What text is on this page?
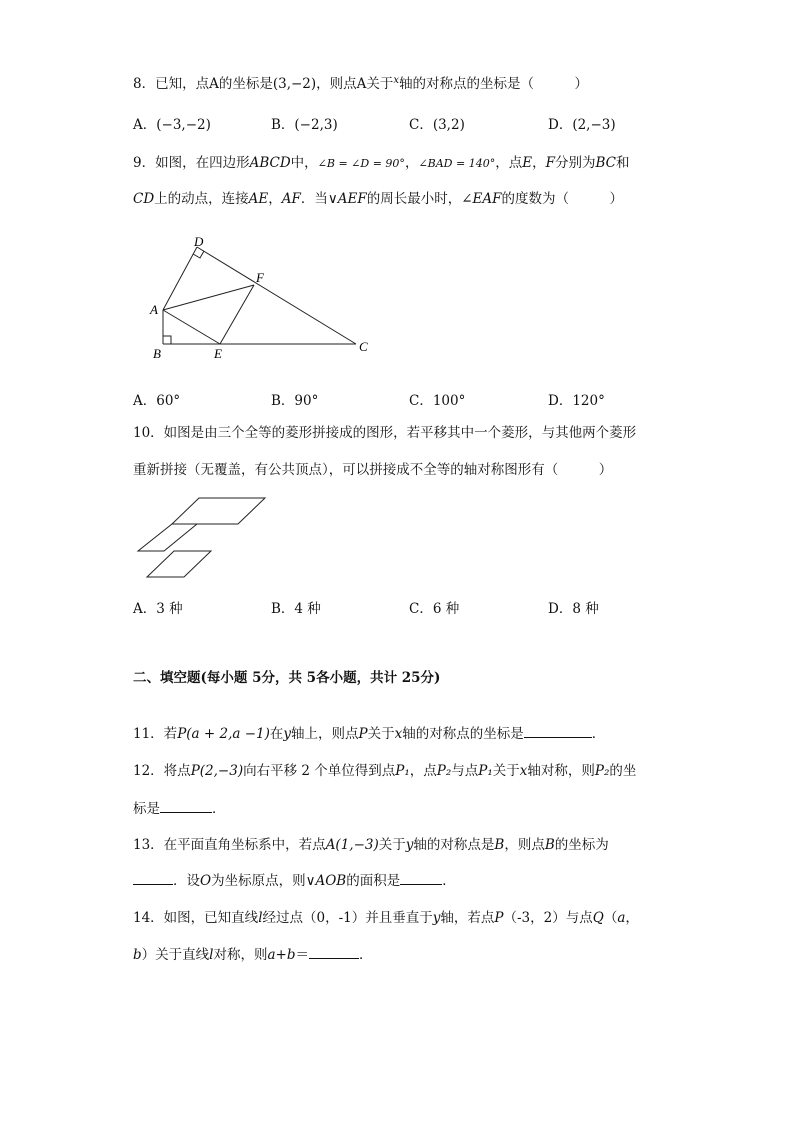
8．已知，点A的坐标是(3,−2)，则点A关于$^x$轴的对称点的坐标是（　　　）
A．(−3,−2)	B．(−2,3)	C．(3,2)	D．(2,−3)
9．如图，在四边形ABCD中，∠B = ∠D = 90°，∠BAD = 140°，点E，F分别为BC和
CD上的动点，连接AE，AF．当∨AEF的周长最小时，∠EAF的度数为（　　　）
D
F
A
B	E	C
A．60°	B．90°	C．100°	D．120°
10．如图是由三个全等的菱形拼接成的图形，若平移其中一个菱形，与其他两个菱形
重新拼接（无覆盖，有公共顶点），可以拼接成不全等的轴对称图形有（　　　）
A．3 种	B．4 种	C．6 种	D．8 种
二、填空题(每小题 5分，共 5各小题，共计 25分)
11．若P(a + 2,a −1)在y轴上，则点P关于x轴的对称点的坐标是	．
12．将点P(2,−3)向右平移 2 个单位得到点P₁，点P₂与点P₁关于x轴对称，则P₂的坐
标是	．
13．在平面直角坐标系中，若点A(1,−3)关于y轴的对称点是B，则点B的坐标为
．设O为坐标原点，则∨AOB的面积是	．
14．如图，已知直线l经过点（0，-1）并且垂直于y轴，若点P（-3，2）与点Q（a，
b）关于直线l对称，则a+b＝	．
